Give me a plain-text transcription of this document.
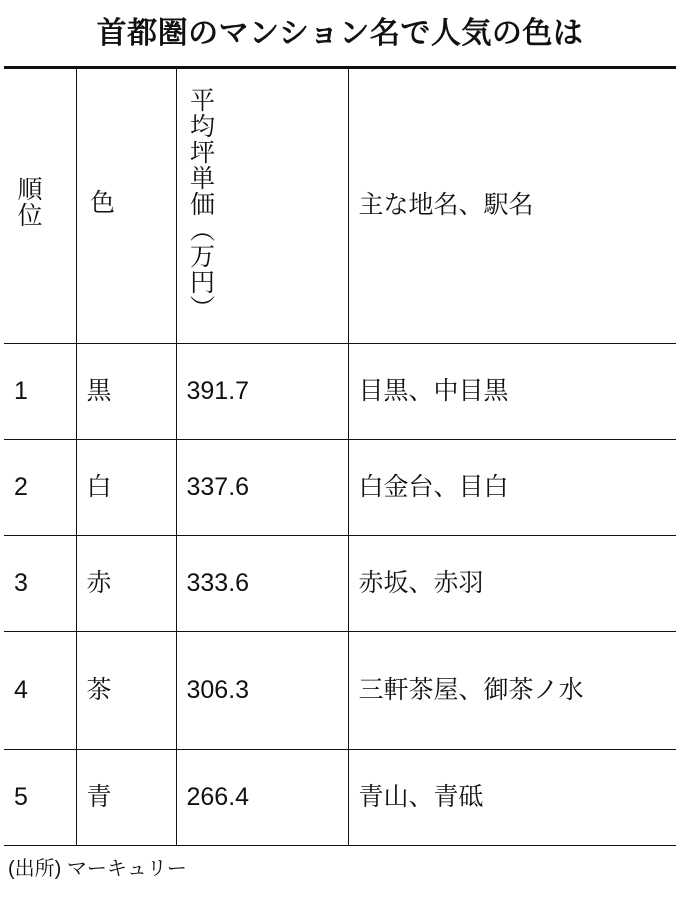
首都圏のマンション名で人気の色は
順位	色	平均坪単価（万円）	主な地名、駅名
1	黒	391.7	目黒、中目黒
2	白	337.6	白金台、目白
3	赤	333.6	赤坂、赤羽
4	茶	306.3	三軒茶屋、御茶ノ水
5	青	266.4	青山、青砥
(出所) マーキュリー
